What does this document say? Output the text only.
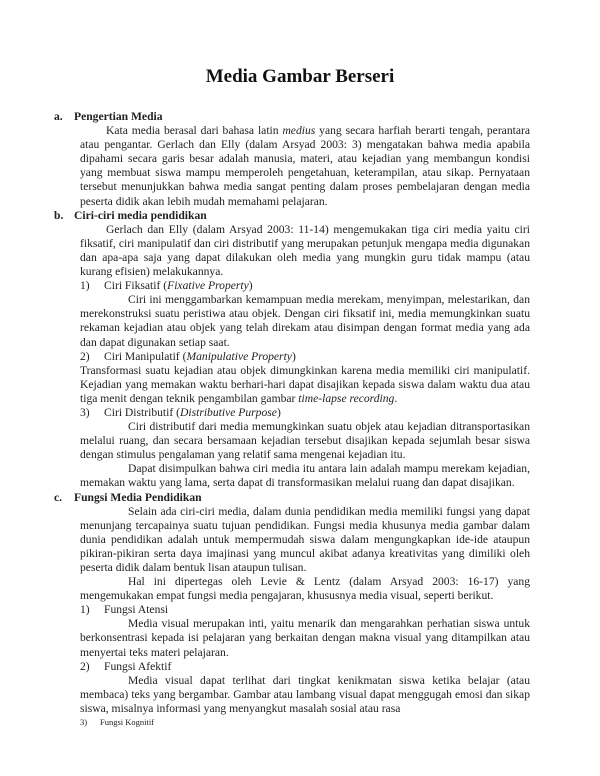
Media Gambar Berseri
a. Pengertian Media

Kata media berasal dari bahasa latin medius yang secara harfiah berarti tengah, perantara atau pengantar. Gerlach dan Elly (dalam Arsyad 2003: 3) mengatakan bahwa media apabila dipahami secara garis besar adalah manusia, materi, atau kejadian yang membangun kondisi yang membuat siswa mampu memperoleh pengetahuan, keterampilan, atau sikap. Pernyataan tersebut menunjukkan bahwa media sangat penting dalam proses pembelajaran dengan media peserta didik akan lebih mudah memahami pelajaran.

b. Ciri-ciri media pendidikan

Gerlach dan Elly (dalam Arsyad 2003: 11-14) mengemukakan tiga ciri media yaitu ciri fiksatif, ciri manipulatif dan ciri distributif yang merupakan petunjuk mengapa media digunakan dan apa-apa saja yang dapat dilakukan oleh media yang mungkin guru tidak mampu (atau kurang efisien) melakukannya.

1) Ciri Fiksatif (Fixative Property)

Ciri ini menggambarkan kemampuan media merekam, menyimpan, melestarikan, dan merekonstruksi suatu peristiwa atau objek. Dengan ciri fiksatif ini, media memungkinkan suatu rekaman kejadian atau objek yang telah direkam atau disimpan dengan format media yang ada dan dapat digunakan setiap saat.

2) Ciri Manipulatif (Manipulative Property)

Transformasi suatu kejadian atau objek dimungkinkan karena media memiliki ciri manipulatif. Kejadian yang memakan waktu berhari-hari dapat disajikan kepada siswa dalam waktu dua atau tiga menit dengan teknik pengambilan gambar time-lapse recording.

3) Ciri Distributif (Distributive Purpose)

Ciri distributif dari media memungkinkan suatu objek atau kejadian ditransportasikan melalui ruang, dan secara bersamaan kejadian tersebut disajikan kepada sejumlah besar siswa dengan stimulus pengalaman yang relatif sama mengenai kejadian itu.

Dapat disimpulkan bahwa ciri media itu antara lain adalah mampu merekam kejadian, memakan waktu yang lama, serta dapat di transformasikan melalui ruang dan dapat disajikan.

c. Fungsi Media Pendidikan

Selain ada ciri-ciri media, dalam dunia pendidikan media memiliki fungsi yang dapat menunjang tercapainya suatu tujuan pendidikan. Fungsi media khusunya media gambar dalam dunia pendidikan adalah untuk mempermudah siswa dalam mengungkapkan ide-ide ataupun pikiran-pikiran serta daya imajinasi yang muncul akibat adanya kreativitas yang dimiliki oleh peserta didik dalam bentuk lisan ataupun tulisan.

Hal ini dipertegas oleh Levie & Lentz (dalam Arsyad 2003: 16-17) yang mengemukakan empat fungsi media pengajaran, khususnya media visual, seperti berikut.

1) Fungsi Atensi

Media visual merupakan inti, yaitu menarik dan mengarahkan perhatian siswa untuk berkonsentrasi kepada isi pelajaran yang berkaitan dengan makna visual yang ditampilkan atau menyertai teks materi pelajaran.

2) Fungsi Afektif

Media visual dapat terlihat dari tingkat kenikmatan siswa ketika belajar (atau membaca) teks yang bergambar. Gambar atau lambang visual dapat menggugah emosi dan sikap siswa, misalnya informasi yang menyangkut masalah sosial atau rasa

3) Fungsi Kognitif
